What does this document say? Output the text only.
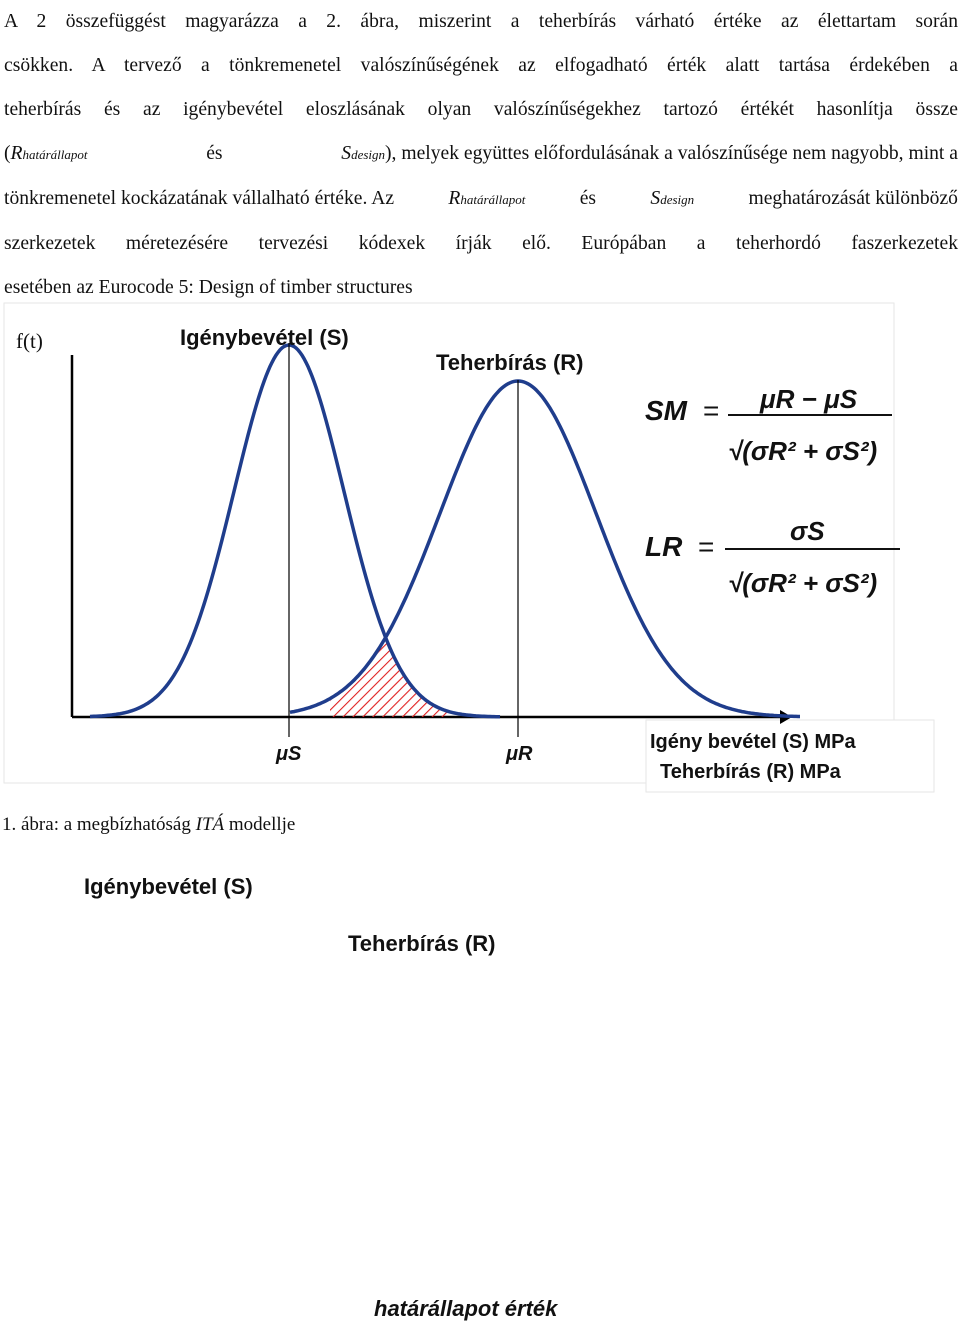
A 2 összefüggést magyarázza a 2. ábra, miszerint a teherbírás várható értéke az élettartam során
csökken. A tervező a tönkremenetel valószínűségének az elfogadható érték alatt tartása érdekében a
teherbírás és az igénybevétel eloszlásának olyan valószínűségekhez tartozó értékét hasonlítja össze
(Rhatárállapot	és	Sdesign), melyek együttes előfordulásának a valószínűsége nem nagyobb, mint a
tönkremenetel kockázatának vállalható értéke. Az	Rhatárállapot	és	Sdesign	meghatározását különböző
szerkezetek méretezésére tervezési kódexek írják elő. Európában a teherhordó faszerkezetek
esetében az Eurocode 5: Design of timber structures
f(t)	Igénybevétel (S)
Teherbírás (R)
μS	μR
Igény bevétel (S) MPa
Teherbírás (R) MPa
SM = μR − μS
√(σR² + σS²)
LR =	σS
√(σR² + σS²)
1. ábra: a megbízhatóság ITÁ modellje
Igénybevétel (S)
Teherbírás (R)
határállapot érték
